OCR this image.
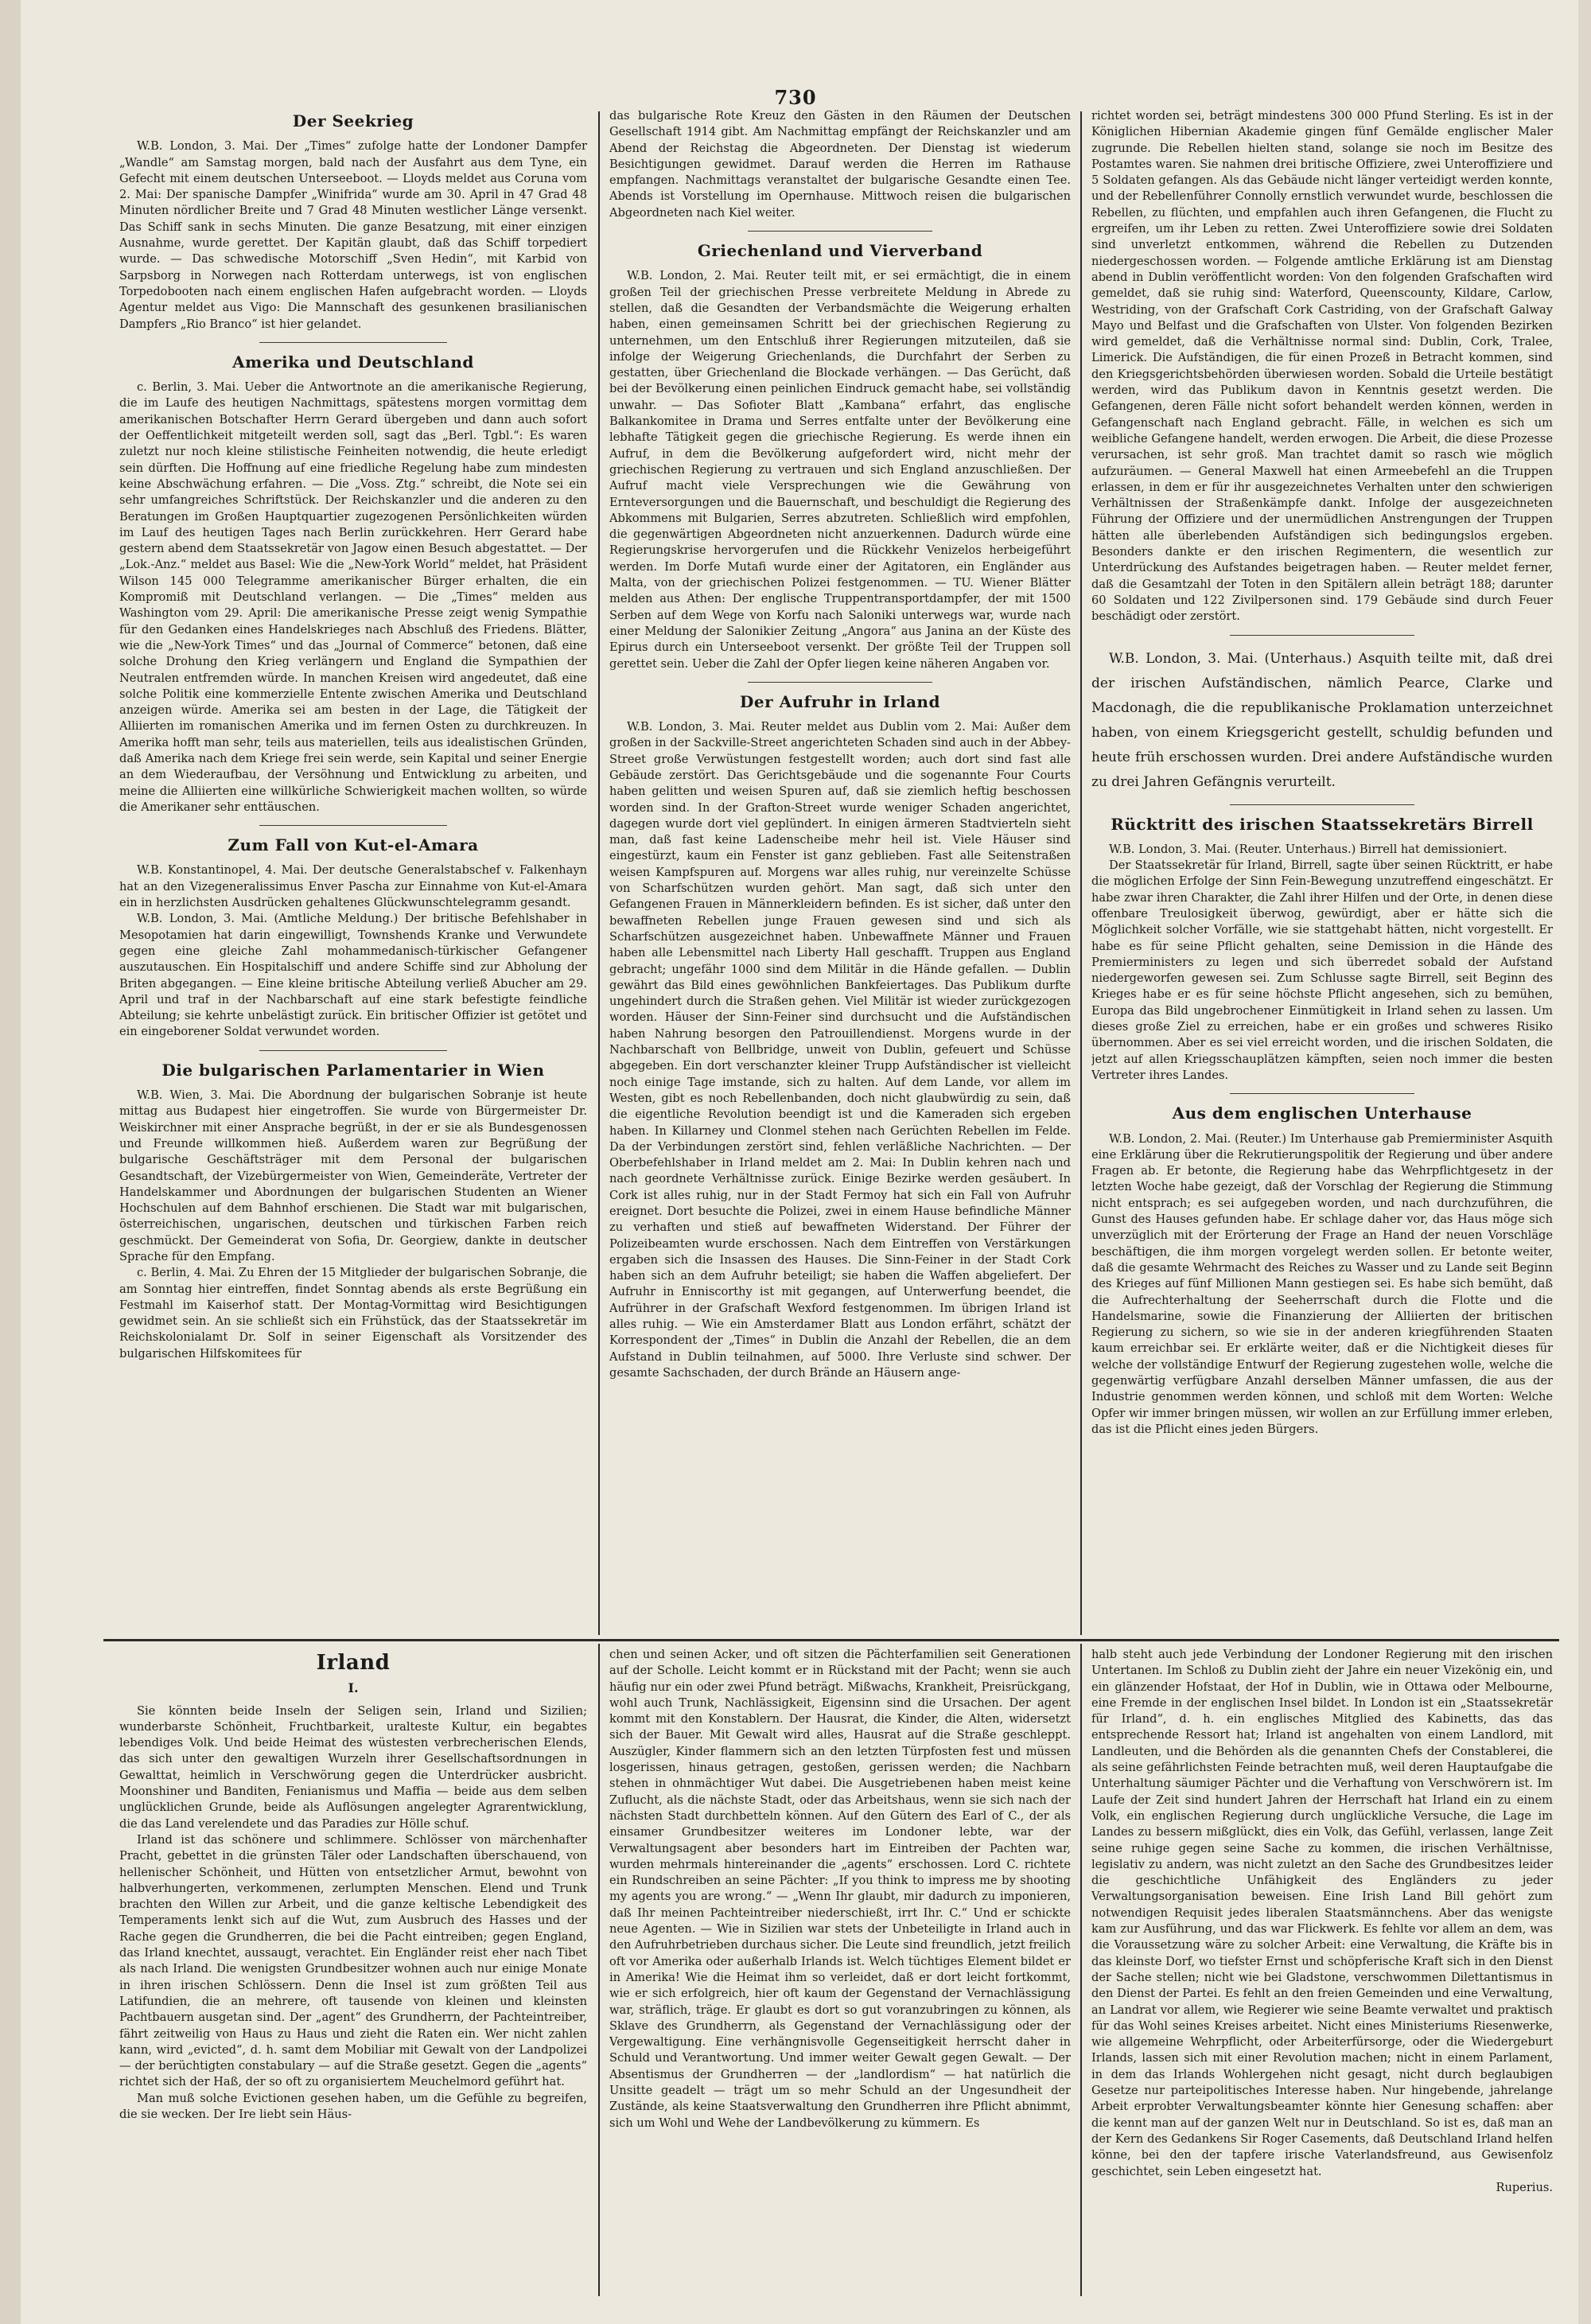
730
Der Seekrieg

W.B. London, 3. Mai. Der „Times“ zufolge hatte der Londoner Dampfer „Wandle“ am Samstag morgen, bald nach der Ausfahrt aus dem Tyne, ein Gefecht mit einem deutschen Unterseeboot. — Lloyds meldet aus Coruna vom 2. Mai: Der spanische Dampfer „Winifrida“ wurde am 30. April in 47 Grad 48 Minuten nördlicher Breite und 7 Grad 48 Minuten westlicher Länge versenkt. Das Schiff sank in sechs Minuten. Die ganze Besatzung, mit einer einzigen Ausnahme, wurde gerettet. Der Kapitän glaubt, daß das Schiff torpediert wurde. — Das schwedische Motorschiff „Sven Hedin“, mit Karbid von Sarpsborg in Norwegen nach Rotterdam unterwegs, ist von englischen Torpedobooten nach einem englischen Hafen aufgebracht worden. — Lloyds Agentur meldet aus Vigo: Die Mannschaft des gesunkenen brasilianischen Dampfers „Rio Branco“ ist hier gelandet.

Amerika und Deutschland

c. Berlin, 3. Mai. Ueber die Antwortnote an die amerikanische Regierung, die im Laufe des heutigen Nachmittags, spätestens morgen vormittag dem amerikanischen Botschafter Herrn Gerard übergeben und dann auch sofort der Oeffentlichkeit mitgeteilt werden soll, sagt das „Berl. Tgbl.“: Es waren zuletzt nur noch kleine stilistische Feinheiten notwendig, die heute erledigt sein dürften. Die Hoffnung auf eine friedliche Regelung habe zum mindesten keine Abschwächung erfahren. — Die „Voss. Ztg.“ schreibt, die Note sei ein sehr umfangreiches Schriftstück. Der Reichskanzler und die anderen zu den Beratungen im Großen Hauptquartier zugezogenen Persönlichkeiten würden im Lauf des heutigen Tages nach Berlin zurückkehren. Herr Gerard habe gestern abend dem Staatssekretär von Jagow einen Besuch abgestattet. — Der „Lok.-Anz.“ meldet aus Basel: Wie die „New-York World“ meldet, hat Präsident Wilson 145 000 Telegramme amerikanischer Bürger erhalten, die ein Kompromiß mit Deutschland verlangen. — Die „Times“ melden aus Washington vom 29. April: Die amerikanische Presse zeigt wenig Sympathie für den Gedanken eines Handelskrieges nach Abschluß des Friedens. Blätter, wie die „New-York Times“ und das „Journal of Commerce“ betonen, daß eine solche Drohung den Krieg verlängern und England die Sympathien der Neutralen entfremden würde. In manchen Kreisen wird angedeutet, daß eine solche Politik eine kommerzielle Entente zwischen Amerika und Deutschland anzeigen würde. Amerika sei am besten in der Lage, die Tätigkeit der Alliierten im romanischen Amerika und im fernen Osten zu durchkreuzen. In Amerika hofft man sehr, teils aus materiellen, teils aus idealistischen Gründen, daß Amerika nach dem Kriege frei sein werde, sein Kapital und seiner Energie an dem Wiederaufbau, der Versöhnung und Entwicklung zu arbeiten, und meine die Alliierten eine willkürliche Schwierigkeit machen wollten, so würde die Amerikaner sehr enttäuschen.

Zum Fall von Kut-el-Amara

W.B. Konstantinopel, 4. Mai. Der deutsche Generalstabschef v. Falkenhayn hat an den Vizegeneralissimus Enver Pascha zur Einnahme von Kut-el-Amara ein in herzlichsten Ausdrücken gehaltenes Glückwunschtelegramm gesandt.

W.B. London, 3. Mai. (Amtliche Meldung.) Der britische Befehlshaber in Mesopotamien hat darin eingewilligt, Townshends Kranke und Verwundete gegen eine gleiche Zahl mohammedanisch-türkischer Gefangener auszutauschen. Ein Hospitalschiff und andere Schiffe sind zur Abholung der Briten abgegangen. — Eine kleine britische Abteilung verließ Abucher am 29. April und traf in der Nachbarschaft auf eine stark befestigte feindliche Abteilung; sie kehrte unbelästigt zurück. Ein britischer Offizier ist getötet und ein eingeborener Soldat verwundet worden.

Die bulgarischen Parlamentarier in Wien

W.B. Wien, 3. Mai. Die Abordnung der bulgarischen Sobranje ist heute mittag aus Budapest hier eingetroffen. Sie wurde von Bürgermeister Dr. Weiskirchner mit einer Ansprache begrüßt, in der er sie als Bundesgenossen und Freunde willkommen hieß. Außerdem waren zur Begrüßung der bulgarische Geschäftsträger mit dem Personal der bulgarischen Gesandtschaft, der Vizebürgermeister von Wien, Gemeinderäte, Vertreter der Handelskammer und Abordnungen der bulgarischen Studenten an Wiener Hochschulen auf dem Bahnhof erschienen. Die Stadt war mit bulgarischen, österreichischen, ungarischen, deutschen und türkischen Farben reich geschmückt. Der Gemeinderat von Sofia, Dr. Georgiew, dankte in deutscher Sprache für den Empfang.

c. Berlin, 4. Mai. Zu Ehren der 15 Mitglieder der bulgarischen Sobranje, die am Sonntag hier eintreffen, findet Sonntag abends als erste Begrüßung ein Festmahl im Kaiserhof statt. Der Montag-Vormittag wird Besichtigungen gewidmet sein. An sie schließt sich ein Frühstück, das der Staatssekretär im Reichskolonialamt Dr. Solf in seiner Eigenschaft als Vorsitzender des bulgarischen Hilfskomitees für

das bulgarische Rote Kreuz den Gästen in den Räumen der Deutschen Gesellschaft 1914 gibt. Am Nachmittag empfängt der Reichskanzler und am Abend der Reichstag die Abgeordneten. Der Dienstag ist wiederum Besichtigungen gewidmet. Darauf werden die Herren im Rathause empfangen. Nachmittags veranstaltet der bulgarische Gesandte einen Tee. Abends ist Vorstellung im Opernhause. Mittwoch reisen die bulgarischen Abgeordneten nach Kiel weiter.

Griechenland und Vierverband

W.B. London, 2. Mai. Reuter teilt mit, er sei ermächtigt, die in einem großen Teil der griechischen Presse verbreitete Meldung in Abrede zu stellen, daß die Gesandten der Verbandsmächte die Weigerung erhalten haben, einen gemeinsamen Schritt bei der griechischen Regierung zu unternehmen, um den Entschluß ihrer Regierungen mitzuteilen, daß sie infolge der Weigerung Griechenlands, die Durchfahrt der Serben zu gestatten, über Griechenland die Blockade verhängen. — Das Gerücht, daß bei der Bevölkerung einen peinlichen Eindruck gemacht habe, sei vollständig unwahr. — Das Sofioter Blatt „Kambana“ erfahrt, das englische Balkankomitee in Drama und Serres entfalte unter der Bevölkerung eine lebhafte Tätigkeit gegen die griechische Regierung. Es werde ihnen ein Aufruf, in dem die Bevölkerung aufgefordert wird, nicht mehr der griechischen Regierung zu vertrauen und sich England anzuschließen. Der Aufruf macht viele Versprechungen wie die Gewährung von Ernteversorgungen und die Bauernschaft, und beschuldigt die Regierung des Abkommens mit Bulgarien, Serres abzutreten. Schließlich wird empfohlen, die gegenwärtigen Abgeordneten nicht anzuerkennen. Dadurch würde eine Regierungskrise hervorgerufen und die Rückkehr Venizelos herbeigeführt werden. Im Dorfe Mutafi wurde einer der Agitatoren, ein Engländer aus Malta, von der griechischen Polizei festgenommen. — TU. Wiener Blätter melden aus Athen: Der englische Truppentransportdampfer, der mit 1500 Serben auf dem Wege von Korfu nach Saloniki unterwegs war, wurde nach einer Meldung der Salonikier Zeitung „Angora“ aus Janina an der Küste des Epirus durch ein Unterseeboot versenkt. Der größte Teil der Truppen soll gerettet sein. Ueber die Zahl der Opfer liegen keine näheren Angaben vor.

Der Aufruhr in Irland

W.B. London, 3. Mai. Reuter meldet aus Dublin vom 2. Mai: Außer dem großen in der Sackville-Street angerichteten Schaden sind auch in der Abbey-Street große Verwüstungen festgestellt worden; auch dort sind fast alle Gebäude zerstört. Das Gerichtsgebäude und die sogenannte Four Courts haben gelitten und weisen Spuren auf, daß sie ziemlich heftig beschossen worden sind. In der Grafton-Street wurde weniger Schaden angerichtet, dagegen wurde dort viel geplündert. In einigen ärmeren Stadtvierteln sieht man, daß fast keine Ladenscheibe mehr heil ist. Viele Häuser sind eingestürzt, kaum ein Fenster ist ganz geblieben. Fast alle Seitenstraßen weisen Kampfspuren auf. Morgens war alles ruhig, nur vereinzelte Schüsse von Scharfschützen wurden gehört. Man sagt, daß sich unter den Gefangenen Frauen in Männerkleidern befinden. Es ist sicher, daß unter den bewaffneten Rebellen junge Frauen gewesen sind und sich als Scharfschützen ausgezeichnet haben. Unbewaffnete Männer und Frauen haben alle Lebensmittel nach Liberty Hall geschafft. Truppen aus England gebracht; ungefähr 1000 sind dem Militär in die Hände gefallen. — Dublin gewährt das Bild eines gewöhnlichen Bankfeiertages. Das Publikum durfte ungehindert durch die Straßen gehen. Viel Militär ist wieder zurückgezogen worden. Häuser der Sinn-Feiner sind durchsucht und die Aufständischen haben Nahrung besorgen den Patrouillendienst. Morgens wurde in der Nachbarschaft von Bellbridge, unweit von Dublin, gefeuert und Schüsse abgegeben. Ein dort verschanzter kleiner Trupp Aufständischer ist vielleicht noch einige Tage imstande, sich zu halten. Auf dem Lande, vor allem im Westen, gibt es noch Rebellenbanden, doch nicht glaubwürdig zu sein, daß die eigentliche Revolution beendigt ist und die Kameraden sich ergeben haben. In Killarney und Clonmel stehen nach Gerüchten Rebellen im Felde. Da der Verbindungen zerstört sind, fehlen verläßliche Nachrichten. — Der Oberbefehlshaber in Irland meldet am 2. Mai: In Dublin kehren nach und nach geordnete Verhältnisse zurück. Einige Bezirke werden gesäubert. In Cork ist alles ruhig, nur in der Stadt Fermoy hat sich ein Fall von Aufruhr ereignet. Dort besuchte die Polizei, zwei in einem Hause befindliche Männer zu verhaften und stieß auf bewaffneten Widerstand. Der Führer der Polizeibeamten wurde erschossen. Nach dem Eintreffen von Verstärkungen ergaben sich die Insassen des Hauses. Die Sinn-Feiner in der Stadt Cork haben sich an dem Aufruhr beteiligt; sie haben die Waffen abgeliefert. Der Aufruhr in Enniscorthy ist mit gegangen, auf Unterwerfung beendet, die Aufrührer in der Grafschaft Wexford festgenommen. Im übrigen Irland ist alles ruhig. — Wie ein Amsterdamer Blatt aus London erfährt, schätzt der Korrespondent der „Times“ in Dublin die Anzahl der Rebellen, die an dem Aufstand in Dublin teilnahmen, auf 5000. Ihre Verluste sind schwer. Der gesamte Sachschaden, der durch Brände an Häusern ange-

richtet worden sei, beträgt mindestens 300 000 Pfund Sterling. Es ist in der Königlichen Hibernian Akademie gingen fünf Gemälde englischer Maler zugrunde. Die Rebellen hielten stand, solange sie noch im Besitze des Postamtes waren. Sie nahmen drei britische Offiziere, zwei Unteroffiziere und 5 Soldaten gefangen. Als das Gebäude nicht länger verteidigt werden konnte, und der Rebellenführer Connolly ernstlich verwundet wurde, beschlossen die Rebellen, zu flüchten, und empfahlen auch ihren Gefangenen, die Flucht zu ergreifen, um ihr Leben zu retten. Zwei Unteroffiziere sowie drei Soldaten sind unverletzt entkommen, während die Rebellen zu Dutzenden niedergeschossen worden. — Folgende amtliche Erklärung ist am Dienstag abend in Dublin veröffentlicht worden: Von den folgenden Grafschaften wird gemeldet, daß sie ruhig sind: Waterford, Queenscounty, Kildare, Carlow, Westriding, von der Grafschaft Cork Castriding, von der Grafschaft Galway Mayo und Belfast und die Grafschaften von Ulster. Von folgenden Bezirken wird gemeldet, daß die Verhältnisse normal sind: Dublin, Cork, Tralee, Limerick. Die Aufständigen, die für einen Prozeß in Betracht kommen, sind den Kriegsgerichtsbehörden überwiesen worden. Sobald die Urteile bestätigt werden, wird das Publikum davon in Kenntnis gesetzt werden. Die Gefangenen, deren Fälle nicht sofort behandelt werden können, werden in Gefangenschaft nach England gebracht. Fälle, in welchen es sich um weibliche Gefangene handelt, werden erwogen. Die Arbeit, die diese Prozesse verursachen, ist sehr groß. Man trachtet damit so rasch wie möglich aufzuräumen. — General Maxwell hat einen Armeebefehl an die Truppen erlassen, in dem er für ihr ausgezeichnetes Verhalten unter den schwierigen Verhältnissen der Straßenkämpfe dankt. Infolge der ausgezeichneten Führung der Offiziere und der unermüdlichen Anstrengungen der Truppen hätten alle überlebenden Aufständigen sich bedingungslos ergeben. Besonders dankte er den irischen Regimentern, die wesentlich zur Unterdrückung des Aufstandes beigetragen haben. — Reuter meldet ferner, daß die Gesamtzahl der Toten in den Spitälern allein beträgt 188; darunter 60 Soldaten und 122 Zivilpersonen sind. 179 Gebäude sind durch Feuer beschädigt oder zerstört.

W.B. London, 3. Mai. (Unterhaus.) Asquith teilte mit, daß drei der irischen Aufständischen, nämlich Pearce, Clarke und Macdonagh, die die republikanische Proklamation unterzeichnet haben, von einem Kriegsgericht gestellt, schuldig befunden und heute früh erschossen wurden. Drei andere Aufständische wurden zu drei Jahren Gefängnis verurteilt.

Rücktritt des irischen Staatssekretärs Birrell

W.B. London, 3. Mai. (Reuter. Unterhaus.) Birrell hat demissioniert.

Der Staatssekretär für Irland, Birrell, sagte über seinen Rücktritt, er habe die möglichen Erfolge der Sinn Fein-Bewegung unzutreffend eingeschätzt. Er habe zwar ihren Charakter, die Zahl ihrer Hilfen und der Orte, in denen diese offenbare Treulosigkeit überwog, gewürdigt, aber er hätte sich die Möglichkeit solcher Vorfälle, wie sie stattgehabt hätten, nicht vorgestellt. Er habe es für seine Pflicht gehalten, seine Demission in die Hände des Premierministers zu legen und sich überredet sobald der Aufstand niedergeworfen gewesen sei. Zum Schlusse sagte Birrell, seit Beginn des Krieges habe er es für seine höchste Pflicht angesehen, sich zu bemühen, Europa das Bild ungebrochener Einmütigkeit in Irland sehen zu lassen. Um dieses große Ziel zu erreichen, habe er ein großes und schweres Risiko übernommen. Aber es sei viel erreicht worden, und die irischen Soldaten, die jetzt auf allen Kriegsschauplätzen kämpften, seien noch immer die besten Vertreter ihres Landes.

Aus dem englischen Unterhause

W.B. London, 2. Mai. (Reuter.) Im Unterhause gab Premierminister Asquith eine Erklärung über die Rekrutierungspolitik der Regierung und über andere Fragen ab. Er betonte, die Regierung habe das Wehrpflichtgesetz in der letzten Woche habe gezeigt, daß der Vorschlag der Regierung die Stimmung nicht entsprach; es sei aufgegeben worden, und nach durchzuführen, die Gunst des Hauses gefunden habe. Er schlage daher vor, das Haus möge sich unverzüglich mit der Erörterung der Frage an Hand der neuen Vorschläge beschäftigen, die ihm morgen vorgelegt werden sollen. Er betonte weiter, daß die gesamte Wehrmacht des Reiches zu Wasser und zu Lande seit Beginn des Krieges auf fünf Millionen Mann gestiegen sei. Es habe sich bemüht, daß die Aufrechterhaltung der Seeherrschaft durch die Flotte und die Handelsmarine, sowie die Finanzierung der Alliierten der britischen Regierung zu sichern, so wie sie in der anderen kriegführenden Staaten kaum erreichbar sei. Er erklärte weiter, daß er die Nichtigkeit dieses für welche der vollständige Entwurf der Regierung zugestehen wolle, welche die gegenwärtig verfügbare Anzahl derselben Männer umfassen, die aus der Industrie genommen werden können, und schloß mit dem Worten: Welche Opfer wir immer bringen müssen, wir wollen an zur Erfüllung immer erleben, das ist die Pflicht eines jeden Bürgers.

Irland
I.

Sie könnten beide Inseln der Seligen sein, Irland und Sizilien; wunderbarste Schönheit, Fruchtbarkeit, uralteste Kultur, ein begabtes lebendiges Volk. Und beide Heimat des wüstesten verbrecherischen Elends, das sich unter den gewaltigen Wurzeln ihrer Gesellschaftsordnungen in Gewalttat, heimlich in Verschwörung gegen die Unterdrücker ausbricht. Moonshiner und Banditen, Fenianismus und Maffia — beide aus dem selben unglücklichen Grunde, beide als Auflösungen angelegter Agrarentwicklung, die das Land verelendete und das Paradies zur Hölle schuf.

Irland ist das schönere und schlimmere. Schlösser von märchenhafter Pracht, gebettet in die grünsten Täler oder Landschaften überschauend, von hellenischer Schönheit, und Hütten von entsetzlicher Armut, bewohnt von halbverhungerten, verkommenen, zerlumpten Menschen. Elend und Trunk brachten den Willen zur Arbeit, und die ganze keltische Lebendigkeit des Temperaments lenkt sich auf die Wut, zum Ausbruch des Hasses und der Rache gegen die Grundherren, die bei die Pacht eintreiben; gegen England, das Irland knechtet, aussaugt, verachtet. Ein Engländer reist eher nach Tibet als nach Irland. Die wenigsten Grundbesitzer wohnen auch nur einige Monate in ihren irischen Schlössern. Denn die Insel ist zum größten Teil aus Latifundien, die an mehrere, oft tausende von kleinen und kleinsten Pachtbauern ausgetan sind. Der „agent“ des Grundherrn, der Pachteintreiber, fährt zeitweilig von Haus zu Haus und zieht die Raten ein. Wer nicht zahlen kann, wird „evicted“, d. h. samt dem Mobiliar mit Gewalt von der Landpolizei — der berüchtigten constabulary — auf die Straße gesetzt. Gegen die „agents“ richtet sich der Haß, der so oft zu organisiertem Meuchelmord geführt hat.

Man muß solche Evictionen gesehen haben, um die Gefühle zu begreifen, die sie wecken. Der Ire liebt sein Häus-

chen und seinen Acker, und oft sitzen die Pächterfamilien seit Generationen auf der Scholle. Leicht kommt er in Rückstand mit der Pacht; wenn sie auch häufig nur ein oder zwei Pfund beträgt. Mißwachs, Krankheit, Preisrückgang, wohl auch Trunk, Nachlässigkeit, Eigensinn sind die Ursachen. Der agent kommt mit den Konstablern. Der Hausrat, die Kinder, die Alten, widersetzt sich der Bauer. Mit Gewalt wird alles, Hausrat auf die Straße geschleppt. Auszügler, Kinder flammern sich an den letzten Türpfosten fest und müssen losgerissen, hinaus getragen, gestoßen, gerissen werden; die Nachbarn stehen in ohnmächtiger Wut dabei. Die Ausgetriebenen haben meist keine Zuflucht, als die nächste Stadt, oder das Arbeitshaus, wenn sie sich nach der nächsten Stadt durchbetteln können. Auf den Gütern des Earl of C., der als einsamer Grundbesitzer weiteres im Londoner lebte, war der Verwaltungsagent aber besonders hart im Eintreiben der Pachten war, wurden mehrmals hintereinander die „agents“ erschossen. Lord C. richtete ein Rundschreiben an seine Pächter: „If you think to impress me by shooting my agents you are wrong.“ — „Wenn Ihr glaubt, mir dadurch zu imponieren, daß Ihr meinen Pachteintreiber niederschießt, irrt Ihr. C.“ Und er schickte neue Agenten. — Wie in Sizilien war stets der Unbeteiligte in Irland auch in den Aufruhrbetrieben durchaus sicher. Die Leute sind freundlich, jetzt freilich oft vor Amerika oder außerhalb Irlands ist. Welch tüchtiges Element bildet er in Amerika! Wie die Heimat ihm so verleidet, daß er dort leicht fortkommt, wie er sich erfolgreich, hier oft kaum der Gegenstand der Vernachlässigung war, sträflich, träge. Er glaubt es dort so gut voranzubringen zu können, als Sklave des Grundherrn, als Gegenstand der Vernachlässigung oder der Vergewaltigung. Eine verhängnisvolle Gegenseitigkeit herrscht daher in Schuld und Verantwortung. Und immer weiter Gewalt gegen Gewalt. — Der Absentismus der Grundherren — der „landlordism“ — hat natürlich die Unsitte geadelt — trägt um so mehr Schuld an der Ungesundheit der Zustände, als keine Staatsverwaltung den Grundherren ihre Pflicht abnimmt, sich um Wohl und Wehe der Landbevölkerung zu kümmern. Es

halb steht auch jede Verbindung der Londoner Regierung mit den irischen Untertanen. Im Schloß zu Dublin zieht der Jahre ein neuer Vizekönig ein, und ein glänzender Hofstaat, der Hof in Dublin, wie in Ottawa oder Melbourne, eine Fremde in der englischen Insel bildet. In London ist ein „Staatssekretär für Irland“, d. h. ein englisches Mitglied des Kabinetts, das das entsprechende Ressort hat; Irland ist angehalten von einem Landlord, mit Landleuten, und die Behörden als die genannten Chefs der Constablerei, die als seine gefährlichsten Feinde betrachten muß, weil deren Hauptaufgabe die Unterhaltung säumiger Pächter und die Verhaftung von Verschwörern ist. Im Laufe der Zeit sind hundert Jahren der Herrschaft hat Irland ein zu einem Volk, ein englischen Regierung durch unglückliche Versuche, die Lage im Landes zu bessern mißglückt, dies ein Volk, das Gefühl, verlassen, lange Zeit seine ruhige gegen seine Sache zu kommen, die irischen Verhältnisse, legislativ zu andern, was nicht zuletzt an den Sache des Grundbesitzes leider die geschichtliche Unfähigkeit des Engländers zu jeder Verwaltungsorganisation beweisen. Eine Irish Land Bill gehört zum notwendigen Requisit jedes liberalen Staatsmännchens. Aber das wenigste kam zur Ausführung, und das war Flickwerk. Es fehlte vor allem an dem, was die Voraussetzung wäre zu solcher Arbeit: eine Verwaltung, die Kräfte bis in das kleinste Dorf, wo tiefster Ernst und schöpferische Kraft sich in den Dienst der Sache stellen; nicht wie bei Gladstone, verschwommen Dilettantismus in den Dienst der Partei. Es fehlt an den freien Gemeinden und eine Verwaltung, an Landrat vor allem, wie Regierer wie seine Beamte verwaltet und praktisch für das Wohl seines Kreises arbeitet. Nicht eines Ministeriums Riesenwerke, wie allgemeine Wehrpflicht, oder Arbeiterfürsorge, oder die Wiedergeburt Irlands, lassen sich mit einer Revolution machen; nicht in einem Parlament, in dem das Irlands Wohlergehen nicht gesagt, nicht durch beglaubigen Gesetze nur parteipolitisches Interesse haben. Nur hingebende, jahrelange Arbeit erprobter Verwaltungsbeamter könnte hier Genesung schaffen: aber die kennt man auf der ganzen Welt nur in Deutschland. So ist es, daß man an der Kern des Gedankens Sir Roger Casements, daß Deutschland Irland helfen könne, bei den der tapfere irische Vaterlandsfreund, aus Gewisenfolz geschichtet, sein Leben eingesetzt hat.

Ruperius.
